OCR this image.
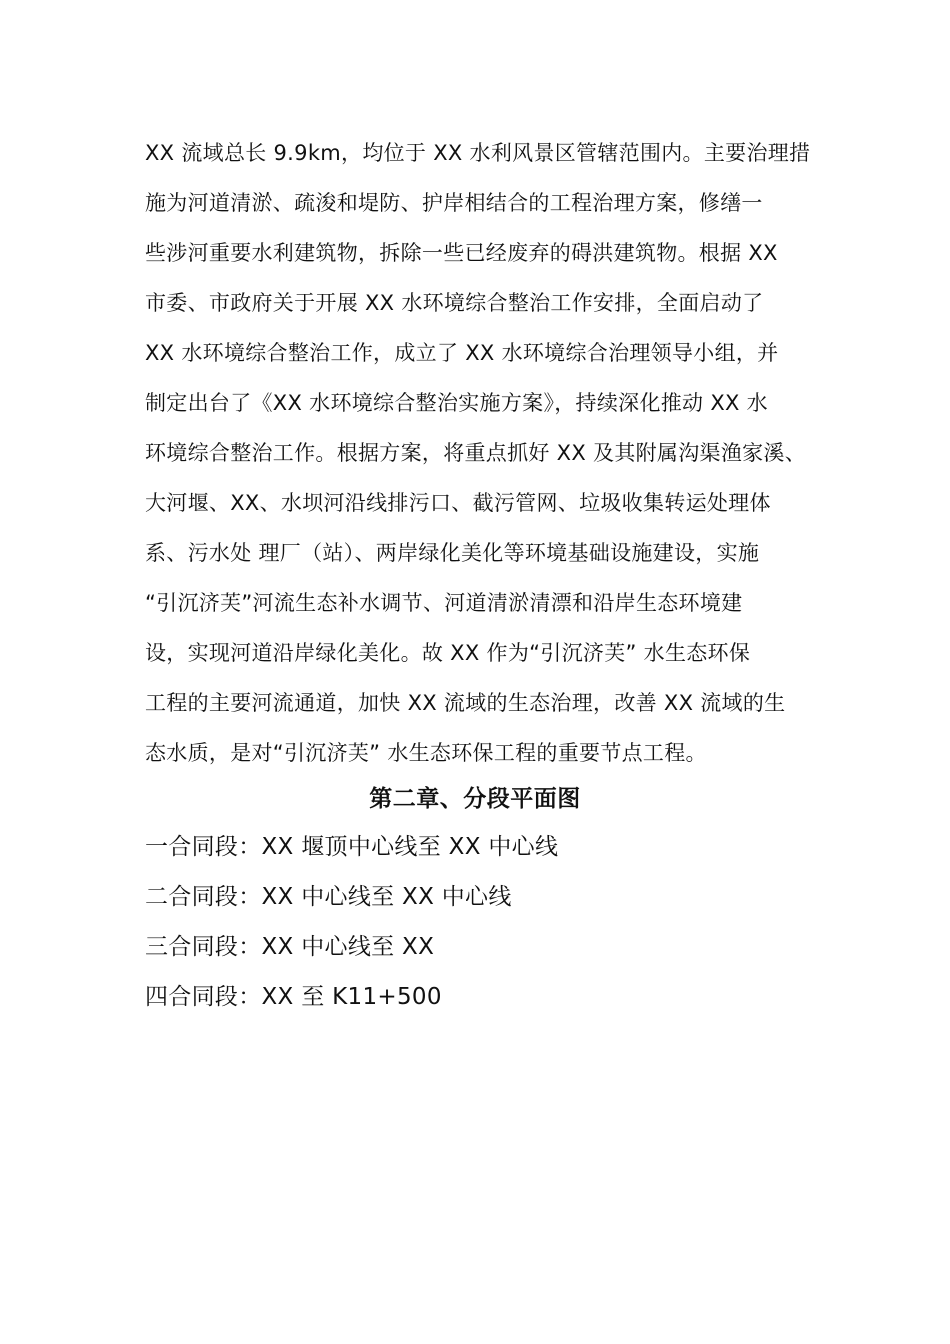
XX 流域总长 9.9km，均位于 XX 水利风景区管辖范围内。主要治理措
施为河道清淤、疏浚和堤防、护岸相结合的工程治理方案，修缮一
些涉河重要水利建筑物，拆除一些已经废弃的碍洪建筑物。根据 XX
市委、市政府关于开展 XX 水环境综合整治工作安排，全面启动了
XX 水环境综合整治工作，成立了 XX 水环境综合治理领导小组，并
制定出台了《XX 水环境综合整治实施方案》，持续深化推动 XX 水
环境综合整治工作。根据方案，将重点抓好 XX 及其附属沟渠渔家溪、
大河堰、XX、水坝河沿线排污口、截污管网、垃圾收集转运处理体
系、污水处 理厂（站）、两岸绿化美化等环境基础设施建设，实施
“引沉济芙”河流生态补水调节、河道清淤清漂和沿岸生态环境建
设，实现河道沿岸绿化美化。故 XX 作为“引沉济芙” 水生态环保
工程的主要河流通道，加快 XX 流域的生态治理，改善 XX 流域的生
态水质，是对“引沉济芙” 水生态环保工程的重要节点工程。
第二章、分段平面图
一合同段：XX 堰顶中心线至 XX 中心线
二合同段：XX 中心线至 XX 中心线
三合同段：XX 中心线至 XX
四合同段：XX 至 K11+500
